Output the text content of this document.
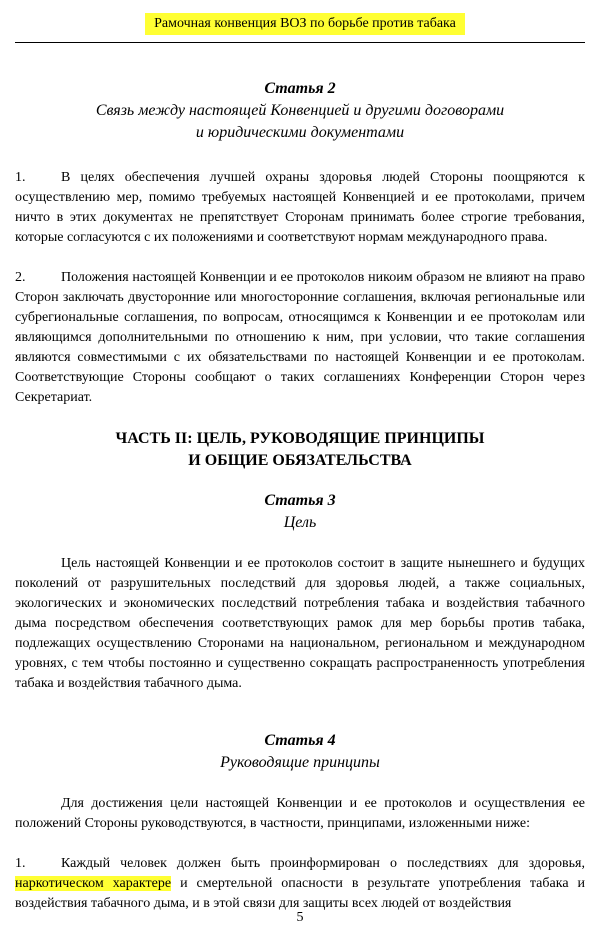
Рамочная конвенция ВОЗ по борьбе против табака

Статья 2

Связь между настоящей Конвенцией и другими договорами

и юридическими документами

1.	В целях обеспечения лучшей охраны здоровья людей Стороны поощряются к осуществлению мер, помимо требуемых настоящей Конвенцией и ее протоколами, причем ничто в этих документах не препятствует Сторонам принимать более строгие требования, которые согласуются с их положениями и соответствуют нормам международного права.

2.	Положения настоящей Конвенции и ее протоколов никоим образом не влияют на право Сторон заключать двусторонние или многосторонние соглашения, включая региональные или субрегиональные соглашения, по вопросам, относящимся к Конвенции и ее протоколам или являющимся дополнительными по отношению к ним, при условии, что такие соглашения являются совместимыми с их обязательствами по настоящей Конвенции и ее протоколам. Соответствующие Стороны сообщают о таких соглашениях Конференции Сторон через Секретариат.

ЧАСТЬ II: ЦЕЛЬ, РУКОВОДЯЩИЕ ПРИНЦИПЫ

И ОБЩИЕ ОБЯЗАТЕЛЬСТВА

Статья 3

Цель

Цель настоящей Конвенции и ее протоколов состоит в защите нынешнего и будущих поколений от разрушительных последствий для здоровья людей, а также социальных, экологических и экономических последствий потребления табака и воздействия табачного дыма посредством обеспечения соответствующих рамок для мер борьбы против табака, подлежащих осуществлению Сторонами на национальном, региональном и международном уровнях, с тем чтобы постоянно и существенно сокращать распространенность употребления табака и воздействия табачного дыма.

Статья 4

Руководящие принципы

Для достижения цели настоящей Конвенции и ее протоколов и осуществления ее положений Стороны руководствуются, в частности, принципами, изложенными ниже:

1.	Каждый человек должен быть проинформирован о последствиях для здоровья, наркотическом характере и смертельной опасности в результате употребления табака и воздействия табачного дыма, и в этой связи для защиты всех людей от воздействия

5
